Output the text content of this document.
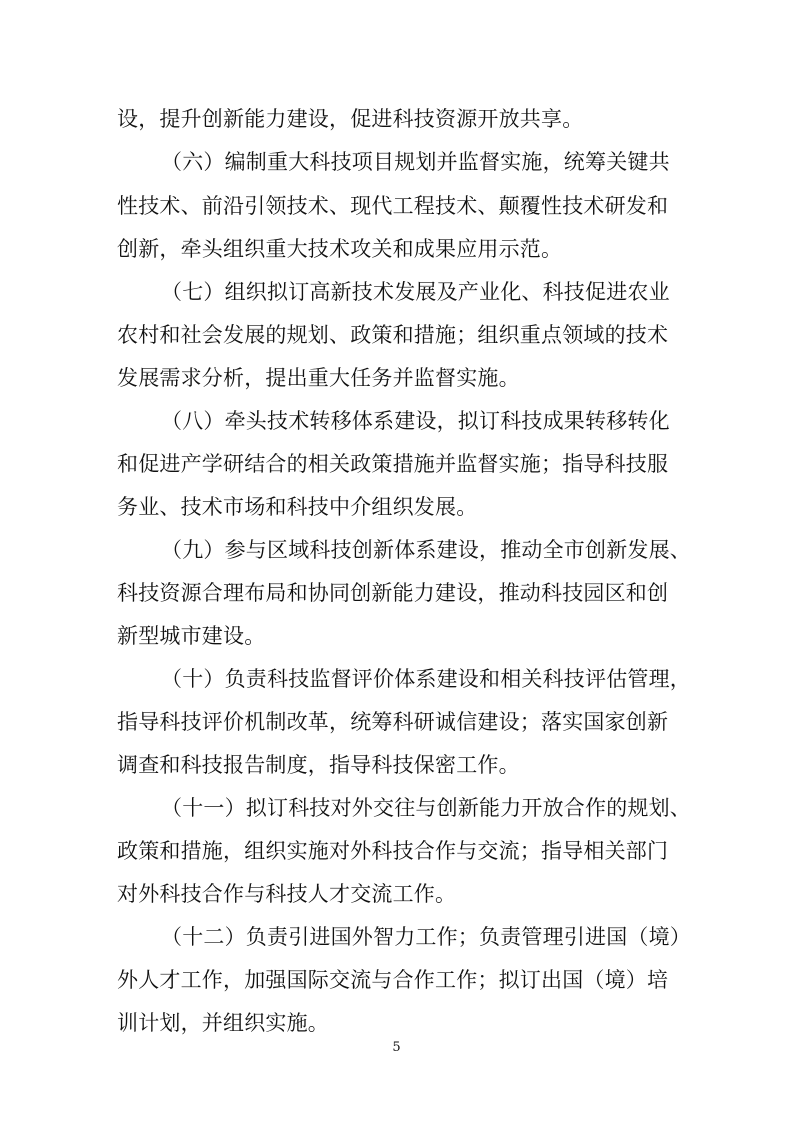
设，提升创新能力建设，促进科技资源开放共享。
（六）编制重大科技项目规划并监督实施，统筹关键共
性技术、前沿引领技术、现代工程技术、颠覆性技术研发和
创新，牵头组织重大技术攻关和成果应用示范。
（七）组织拟订高新技术发展及产业化、科技促进农业
农村和社会发展的规划、政策和措施；组织重点领域的技术
发展需求分析，提出重大任务并监督实施。
（八）牵头技术转移体系建设，拟订科技成果转移转化
和促进产学研结合的相关政策措施并监督实施；指导科技服
务业、技术市场和科技中介组织发展。
（九）参与区域科技创新体系建设，推动全市创新发展、
科技资源合理布局和协同创新能力建设，推动科技园区和创
新型城市建设。
（十）负责科技监督评价体系建设和相关科技评估管理，
指导科技评价机制改革，统筹科研诚信建设；落实国家创新
调查和科技报告制度，指导科技保密工作。
（十一）拟订科技对外交往与创新能力开放合作的规划、
政策和措施，组织实施对外科技合作与交流；指导相关部门
对外科技合作与科技人才交流工作。
（十二）负责引进国外智力工作；负责管理引进国（境）
外人才工作，加强国际交流与合作工作；拟订出国（境）培
训计划，并组织实施。
5
